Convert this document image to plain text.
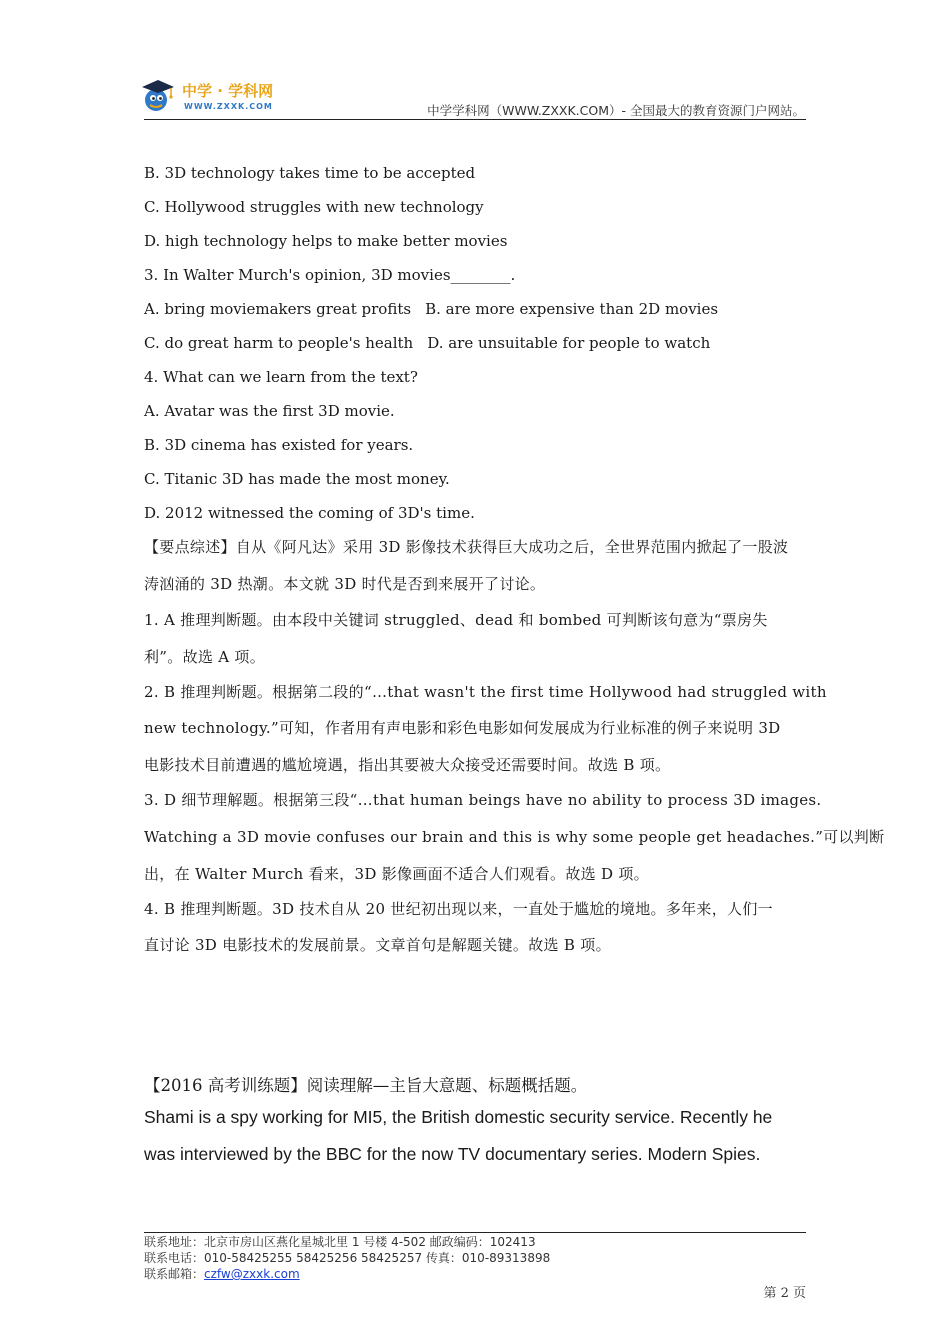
中学 · 学科网
WWW.ZXXK.COM	中学学科网（WWW.ZXXK.COM）- 全国最大的教育资源门户网站。
B. 3D technology takes time to be accepted
C. Hollywood struggles with new technology
D. high technology helps to make better movies
3. In Walter Murch's opinion, 3D movies________.
A. bring moviemakers great profits B. are more expensive than 2D movies
C. do great harm to people's health D. are unsuitable for people to watch
4. What can we learn from the text?
A. Avatar was the first 3D movie.
B. 3D cinema has existed for years.
C. Titanic 3D has made the most money.
D. 2012 witnessed the coming of 3D's time.
【要点综述】自从《阿凡达》采用 3D 影像技术获得巨大成功之后，全世界范围内掀起了一股波
涛汹涌的 3D 热潮。本文就 3D 时代是否到来展开了讨论。
1. A 推理判断题。由本段中关键词 struggled、dead 和 bombed 可判断该句意为“票房失
利”。故选 A 项。
2. B 推理判断题。根据第二段的“…that wasn't the first time Hollywood had struggled with
new technology.”可知，作者用有声电影和彩色电影如何发展成为行业标准的例子来说明 3D
电影技术目前遭遇的尴尬境遇，指出其要被大众接受还需要时间。故选 B 项。
3. D 细节理解题。根据第三段“…that human beings have no ability to process 3D images.
Watching a 3D movie confuses our brain and this is why some people get headaches.”可以判断
出，在 Walter Murch 看来，3D 影像画面不适合人们观看。故选 D 项。
4. B 推理判断题。3D 技术自从 20 世纪初出现以来，一直处于尴尬的境地。多年来，人们一
直讨论 3D 电影技术的发展前景。文章首句是解题关键。故选 B 项。
【2016 高考训练题】阅读理解—主旨大意题、标题概括题。
Shami is a spy working for MI5, the British domestic security service. Recently he
was interviewed by the BBC for the now TV documentary series. Modern Spies.
联系地址：北京市房山区燕化星城北里 1 号楼 4-502 邮政编码：102413
联系电话：010-58425255 58425256 58425257 传真：010-89313898
联系邮箱：czfw@zxxk.com
第 2 页
